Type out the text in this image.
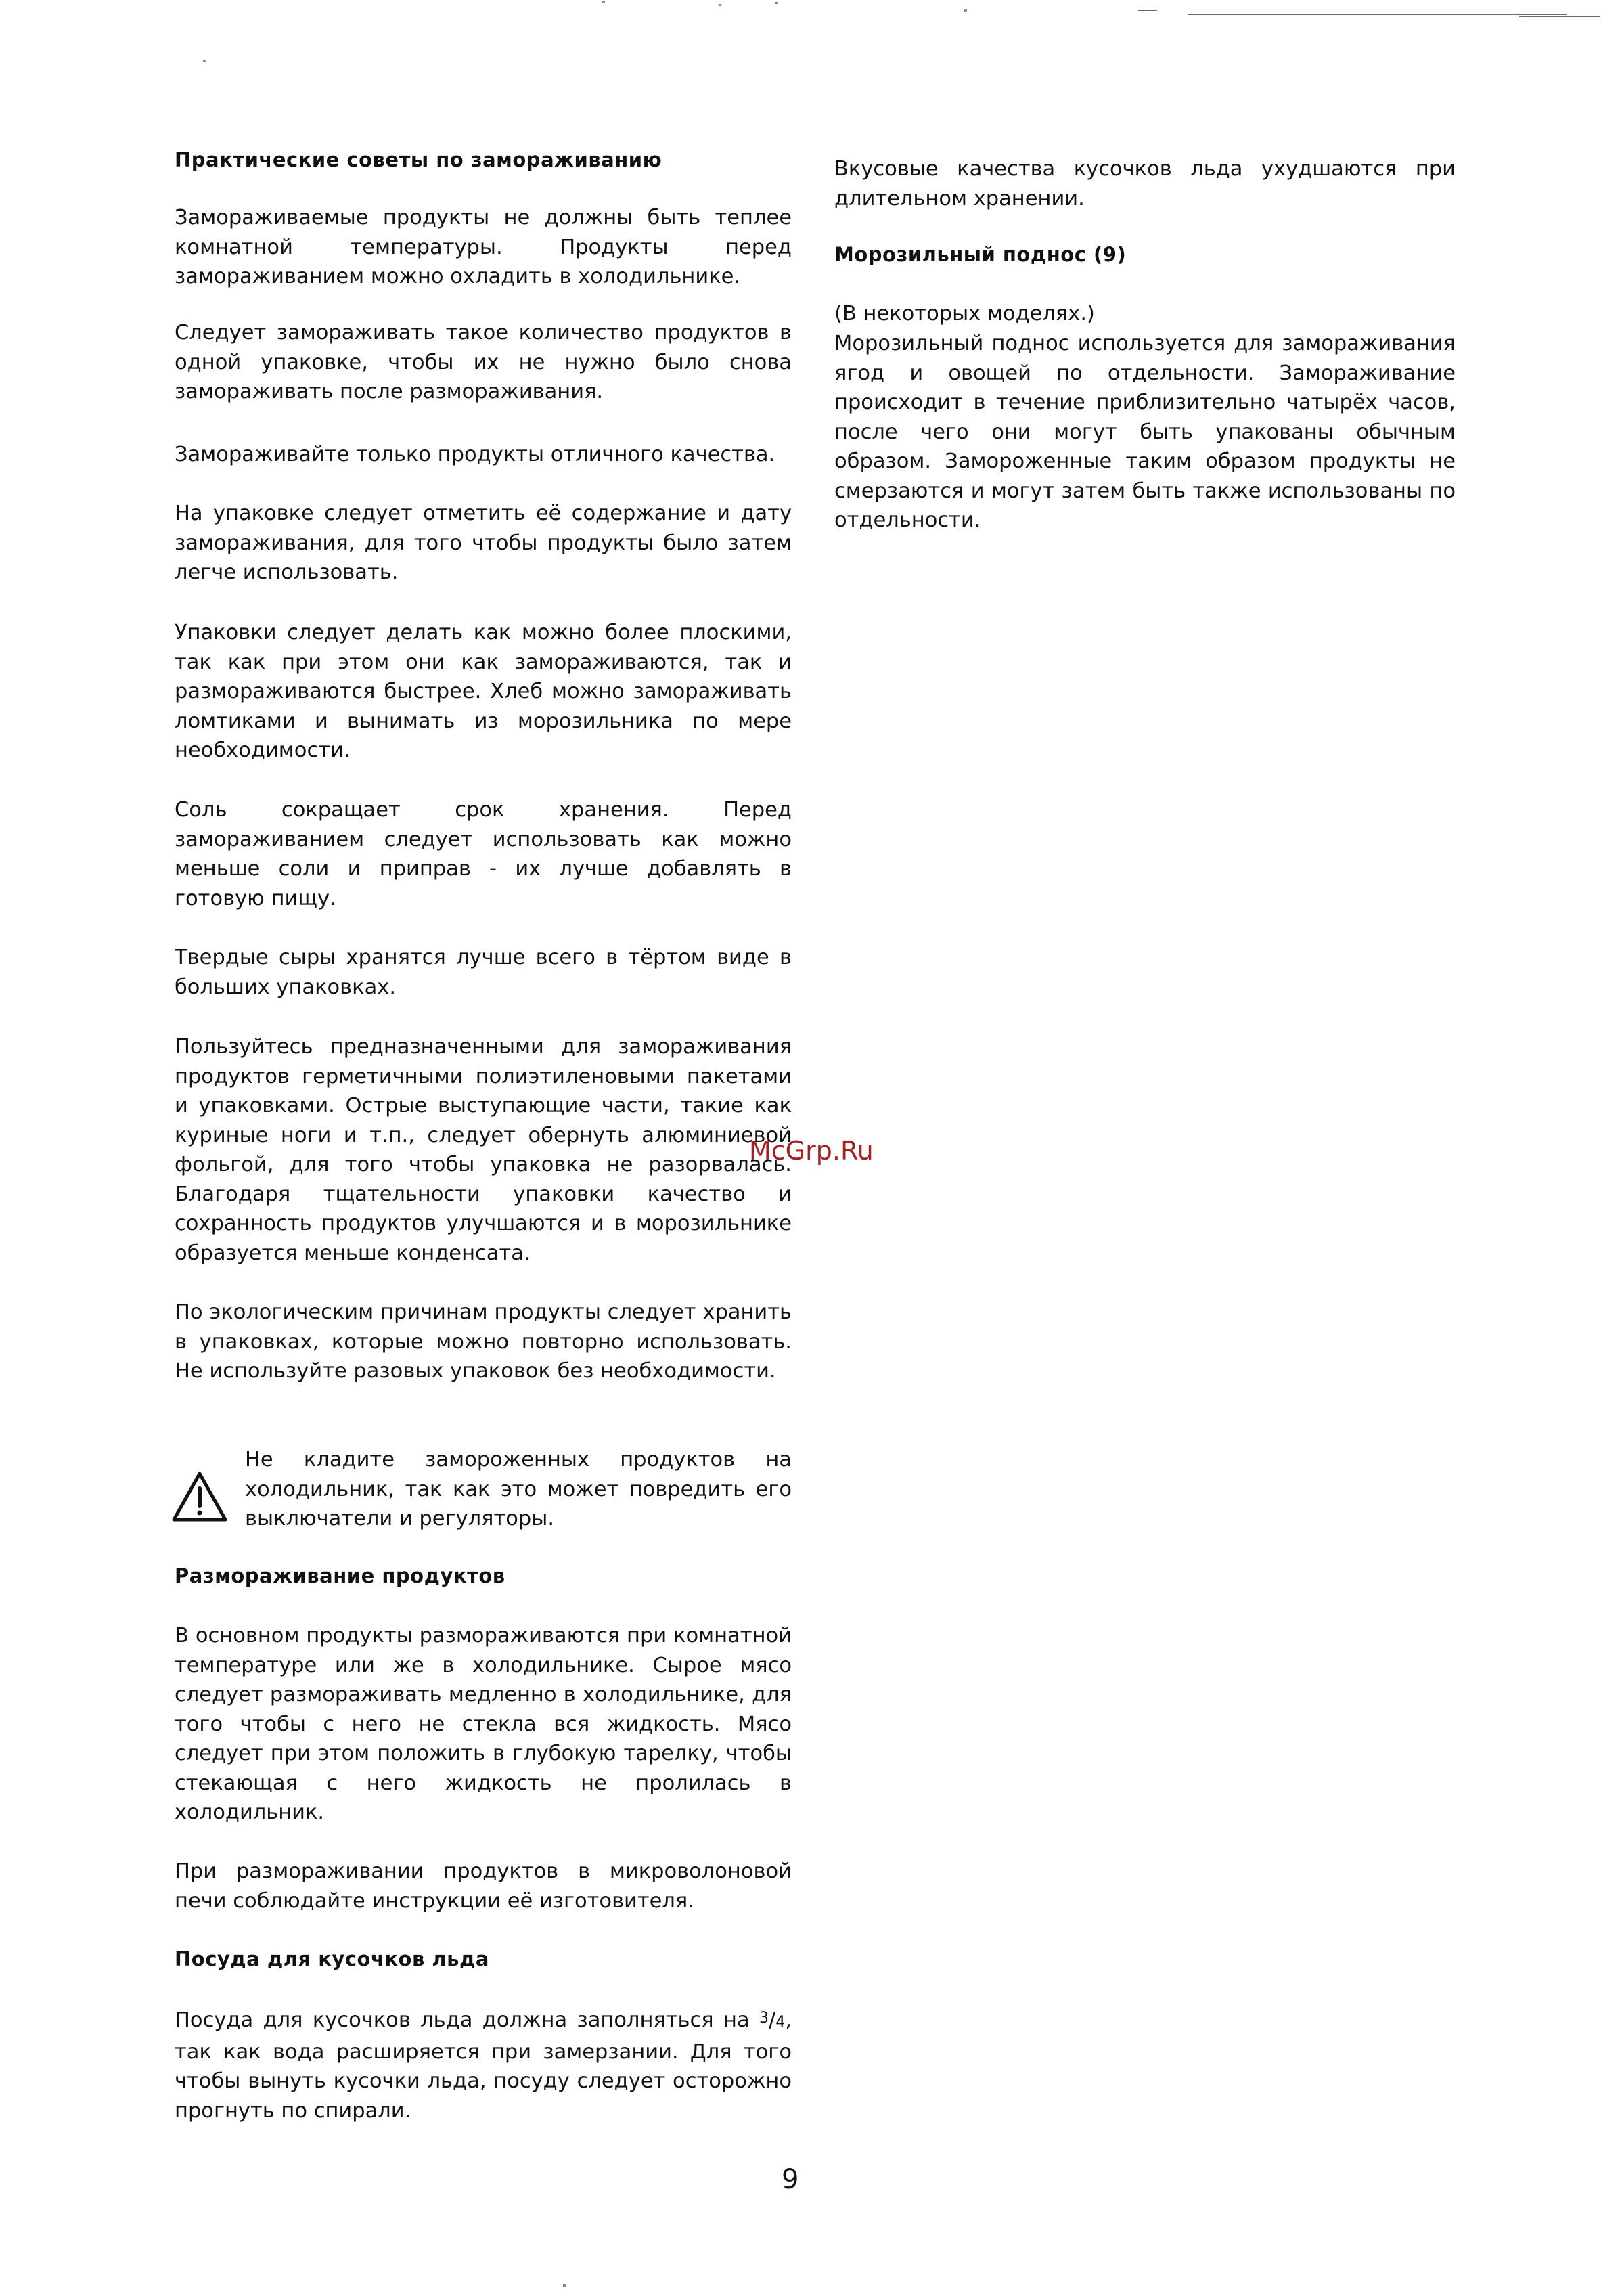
Практические советы по замораживанию

Замораживаемые продукты не должны быть теплее комнатной температуры. Продукты перед замораживанием можно охладить в холодильнике.

Следует замораживать такое количество продуктов в одной упаковке, чтобы их не нужно было снова замораживать после размораживания.

Замораживайте только продукты отличного качества.

На упаковке следует отметить её содержание и дату замораживания, для того чтобы продукты было затем легче использовать.

Упаковки следует делать как можно более плоскими, так как при этом они как замораживаются, так и размораживаются быстрее. Хлеб можно замораживать ломтиками и вынимать из морозильника по мере необходимости.

Соль сокращает срок хранения. Перед замораживанием следует использовать как можно меньше соли и приправ - их лучше добавлять в готовую пищу.

Твердые сыры хранятся лучше всего в тёртом виде в больших упаковках.

Пользуйтесь предназначенными для замораживания продуктов герметичными полиэтиленовыми пакетами и упаковками. Острые выступающие части, такие как куриные ноги и т.п., следует обернуть алюминиевой фольгой, для того чтобы упаковка не разорвалась. Благодаря тщательности упаковки качество и сохранность продуктов улучшаются и в морозильнике образуется меньше конденсата.

По экологическим причинам продукты следует хранить в упаковках, которые можно повторно использовать. Не используйте разовых упаковок без необходимости.

Не кладите замороженных продуктов на холодильник, так как это может повредить его выключатели и регуляторы.

Размораживание продуктов

В основном продукты размораживаются при комнатной температуре или же в холодильнике. Сырое мясо следует размораживать медленно в холодильнике, для того чтобы с него не стекла вся жидкость. Мясо следует при этом положить в глубокую тарелку, чтобы стекающая с него жидкость не пролилась в холодильник.

При размораживании продуктов в микроволоновой печи соблюдайте инструкции её изготовителя.

Посуда для кусочков льда

Посуда для кусочков льда должна заполняться на $^3$/4, так как вода расширяется при замерзании. Для того чтобы вынуть кусочки льда, посуду следует осторожно прогнуть по спирали.

Вкусовые качества кусочков льда ухудшаются при длительном хранении.

Морозильный поднос (9)

(В некоторых моделях.)

Морозильный поднос используется для замораживания ягод и овощей по отдельности. Замораживание происходит в течение приблизительно чатырёх часов, после чего они могут быть упакованы обычным образом. Замороженные таким образом продукты не смерзаются и могут затем быть также использованы по отдельности.

McGrp.Ru
9
